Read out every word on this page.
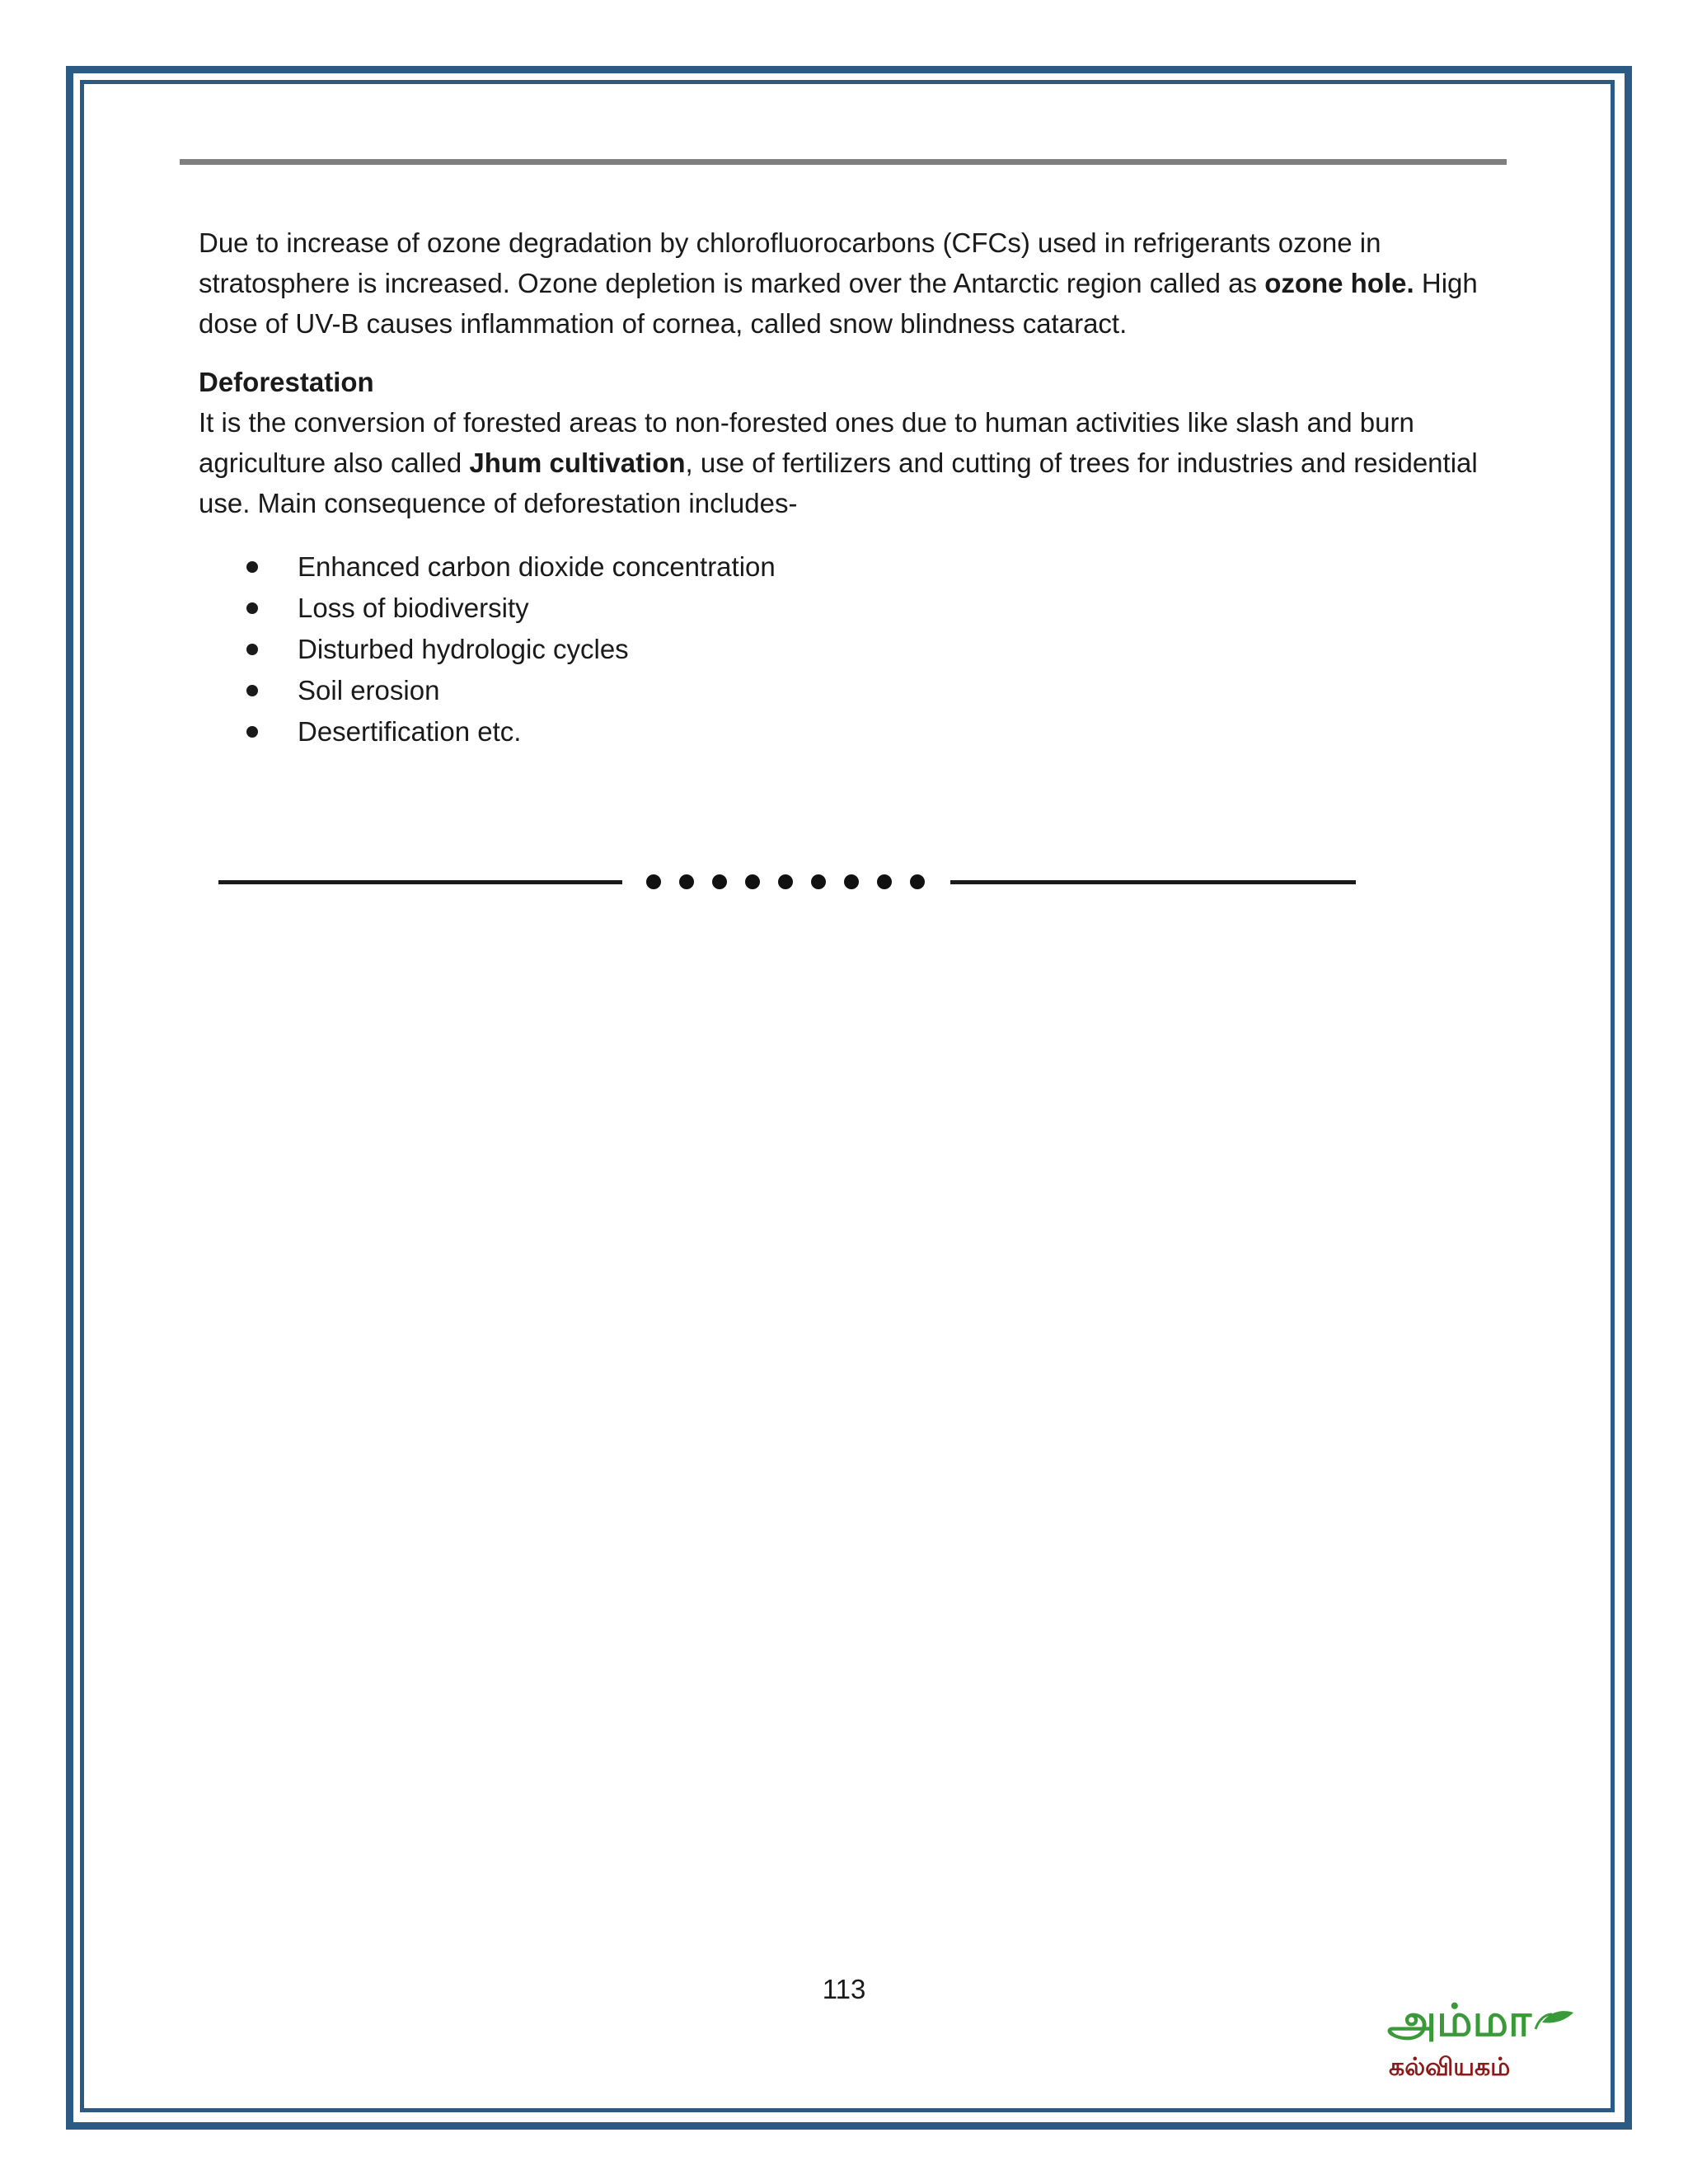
Due to increase of ozone degradation by chlorofluorocarbons (CFCs) used in refrigerants ozone in stratosphere is increased. Ozone depletion is marked over the Antarctic region called as ozone hole. High dose of UV-B causes inflammation of cornea, called snow blindness cataract.

Deforestation

It is the conversion of forested areas to non-forested ones due to human activities like slash and burn agriculture also called Jhum cultivation, use of fertilizers and cutting of trees for industries and residential use. Main consequence of deforestation includes-

Enhanced carbon dioxide concentration
Loss of biodiversity
Disturbed hydrologic cycles
Soil erosion
Desertification etc.
113
அம்மா
கல்வியகம்
